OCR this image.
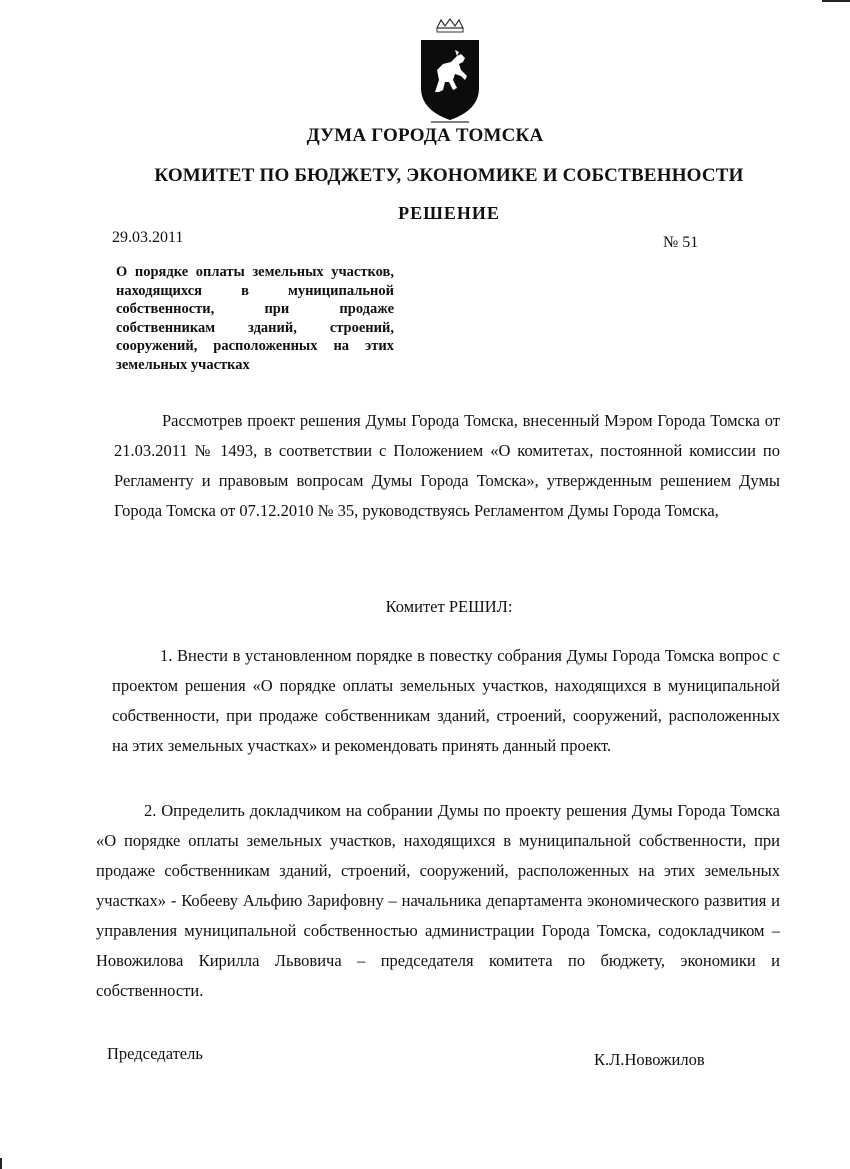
ДУМА ГОРОДА ТОМСКА
КОМИТЕТ ПО БЮДЖЕТУ, ЭКОНОМИКЕ И СОБСТВЕННОСТИ
РЕШЕНИЕ
29.03.2011	№ 51
О порядке оплаты земельных участков, находящихся в муниципальной собственности, при продаже собственникам зданий, строений, сооружений, расположенных на этих земельных участках

Рассмотрев проект решения Думы Города Томска, внесенный Мэром Города Томска от 21.03.2011 № 1493, в соответствии с Положением «О комитетах, постоянной комиссии по Регламенту и правовым вопросам Думы Города Томска», утвержденным решением Думы Города Томска от 07.12.2010 № 35, руководствуясь Регламентом Думы Города Томска,

Комитет РЕШИЛ:

1. Внести в установленном порядке в повестку собрания Думы Города Томска вопрос с проектом решения «О порядке оплаты земельных участков, находящихся в муниципальной собственности, при продаже собственникам зданий, строений, сооружений, расположенных на этих земельных участках» и рекомендовать принять данный проект.

2. Определить докладчиком на собрании Думы по проекту решения Думы Города Томска «О порядке оплаты земельных участков, находящихся в муниципальной собственности, при продаже собственникам зданий, строений, сооружений, расположенных на этих земельных участках» - Кобееву Альфию Зарифовну – начальника департамента экономического развития и управления муниципальной собственностью администрации Города Томска, содокладчиком – Новожилова Кирилла Львовича – председателя комитета по бюджету, экономики и собственности.

Председатель	К.Л.Новожилов
